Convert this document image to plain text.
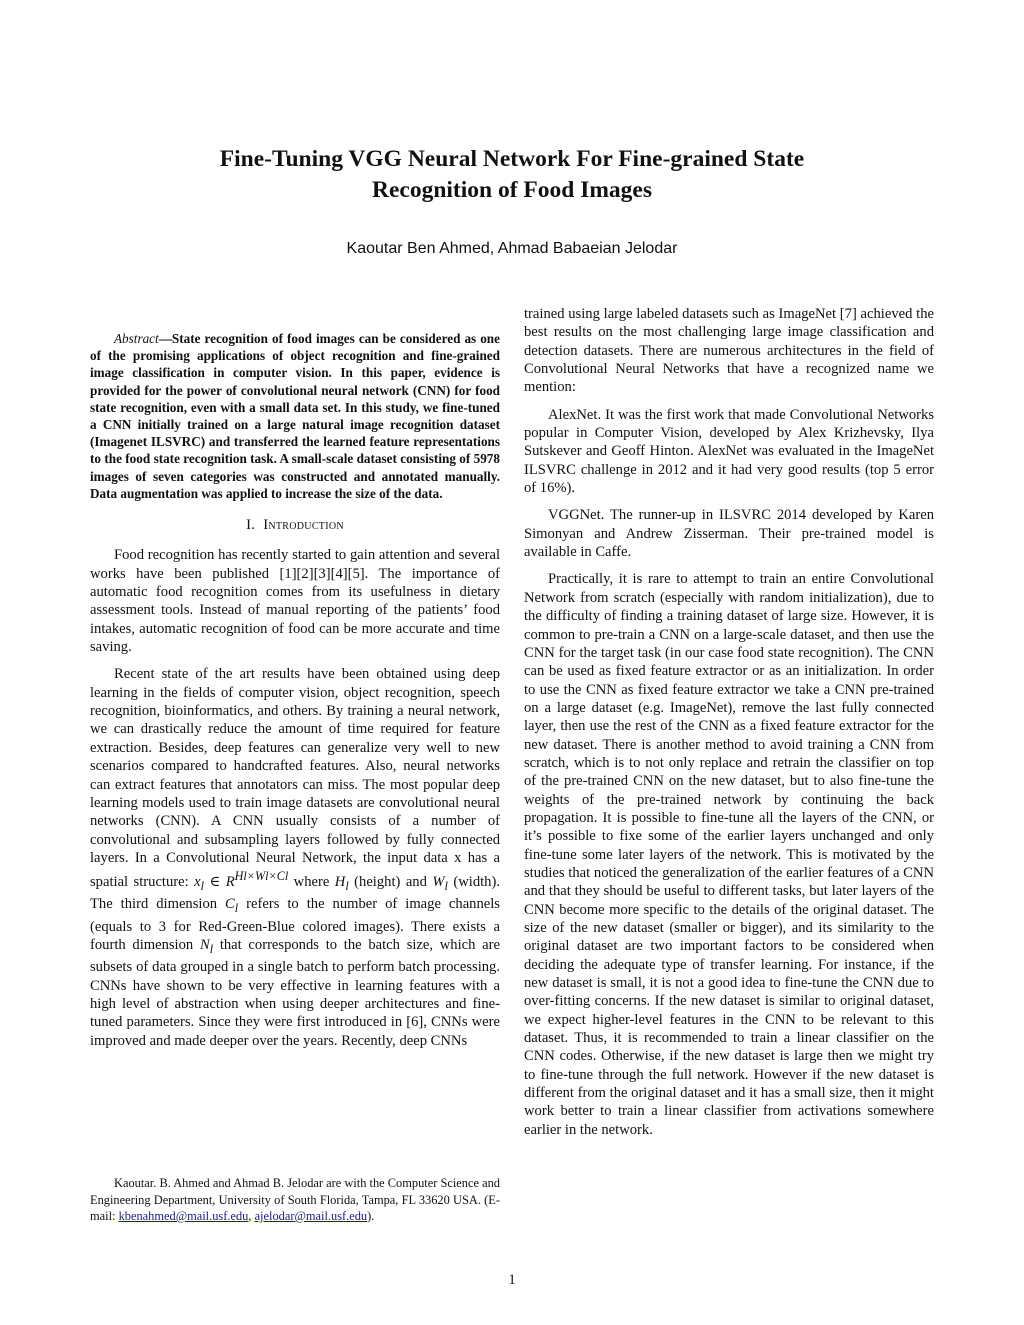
Fine-Tuning VGG Neural Network For Fine-grained State
Recognition of Food Images
Kaoutar Ben Ahmed, Ahmad Babaeian Jelodar

Abstract—State recognition of food images can be considered as one of the promising applications of object recognition and fine-grained image classification in computer vision. In this paper, evidence is provided for the power of convolutional neural network (CNN) for food state recognition, even with a small data set. In this study, we fine-tuned a CNN initially trained on a large natural image recognition dataset (Imagenet ILSVRC) and transferred the learned feature representations to the food state recognition task. A small-scale dataset consisting of 5978 images of seven categories was constructed and annotated manually. Data augmentation was applied to increase the size of the data.

I. Introduction

Food recognition has recently started to gain attention and several works have been published [1][2][3][4][5]. The importance of automatic food recognition comes from its usefulness in dietary assessment tools. Instead of manual reporting of the patients’ food intakes, automatic recognition of food can be more accurate and time saving.

Recent state of the art results have been obtained using deep learning in the fields of computer vision, object recognition, speech recognition, bioinformatics, and others. By training a neural network, we can drastically reduce the amount of time required for feature extraction. Besides, deep features can generalize very well to new scenarios compared to handcrafted features. Also, neural networks can extract features that annotators can miss. The most popular deep learning models used to train image datasets are convolutional neural networks (CNN). A CNN usually consists of a number of convolutional and subsampling layers followed by fully connected layers. In a Convolutional Neural Network, the input data x has a spatial structure: $x_l$ ∈ $R^{Hl\times Wl\times Cl}$ where $H_l$ (height) and $W_l$ (width). The third dimension $C_l$ refers to the number of image channels (equals to 3 for Red-Green-Blue colored images). There exists a fourth dimension $N_l$ that corresponds to the batch size, which are subsets of data grouped in a single batch to perform batch processing. CNNs have shown to be very effective in learning features with a high level of abstraction when using deeper architectures and fine-tuned parameters. Since they were first introduced in [6], CNNs were improved and made deeper over the years. Recently, deep CNNs

trained using large labeled datasets such as ImageNet [7] achieved the best results on the most challenging large image classification and detection datasets. There are numerous architectures in the field of Convolutional Neural Networks that have a recognized name we mention:

AlexNet. It was the first work that made Convolutional Networks popular in Computer Vision, developed by Alex Krizhevsky, Ilya Sutskever and Geoff Hinton. AlexNet was evaluated in the ImageNet ILSVRC challenge in 2012 and it had very good results (top 5 error of 16%).

VGGNet. The runner-up in ILSVRC 2014 developed by Karen Simonyan and Andrew Zisserman. Their pre-trained model is available in Caffe.

Practically, it is rare to attempt to train an entire Convolutional Network from scratch (especially with random initialization), due to the difficulty of finding a training dataset of large size. However, it is common to pre-train a CNN on a large-scale dataset, and then use the CNN for the target task (in our case food state recognition). The CNN can be used as fixed feature extractor or as an initialization. In order to use the CNN as fixed feature extractor we take a CNN pre-trained on a large dataset (e.g. ImageNet), remove the last fully connected layer, then use the rest of the CNN as a fixed feature extractor for the new dataset. There is another method to avoid training a CNN from scratch, which is to not only replace and retrain the classifier on top of the pre-trained CNN on the new dataset, but to also fine-tune the weights of the pre-trained network by continuing the back propagation. It is possible to fine-tune all the layers of the CNN, or it’s possible to fixe some of the earlier layers unchanged and only fine-tune some later layers of the network. This is motivated by the studies that noticed the generalization of the earlier features of a CNN and that they should be useful to different tasks, but later layers of the CNN become more specific to the details of the original dataset. The size of the new dataset (smaller or bigger), and its similarity to the original dataset are two important factors to be considered when deciding the adequate type of transfer learning. For instance, if the new dataset is small, it is not a good idea to fine-tune the CNN due to over-fitting concerns. If the new dataset is similar to original dataset, we expect higher-level features in the CNN to be relevant to this dataset. Thus, it is recommended to train a linear classifier on the CNN codes. Otherwise, if the new dataset is large then we might try to fine-tune through the full network. However if the new dataset is different from the original dataset and it has a small size, then it might work better to train a linear classifier from activations somewhere earlier in the network.

Kaoutar. B. Ahmed and Ahmad B. Jelodar are with the Computer Science and Engineering Department, University of South Florida, Tampa, FL 33620 USA. (E-mail: kbenahmed@mail.usf.edu, ajelodar@mail.usf.edu).
1
